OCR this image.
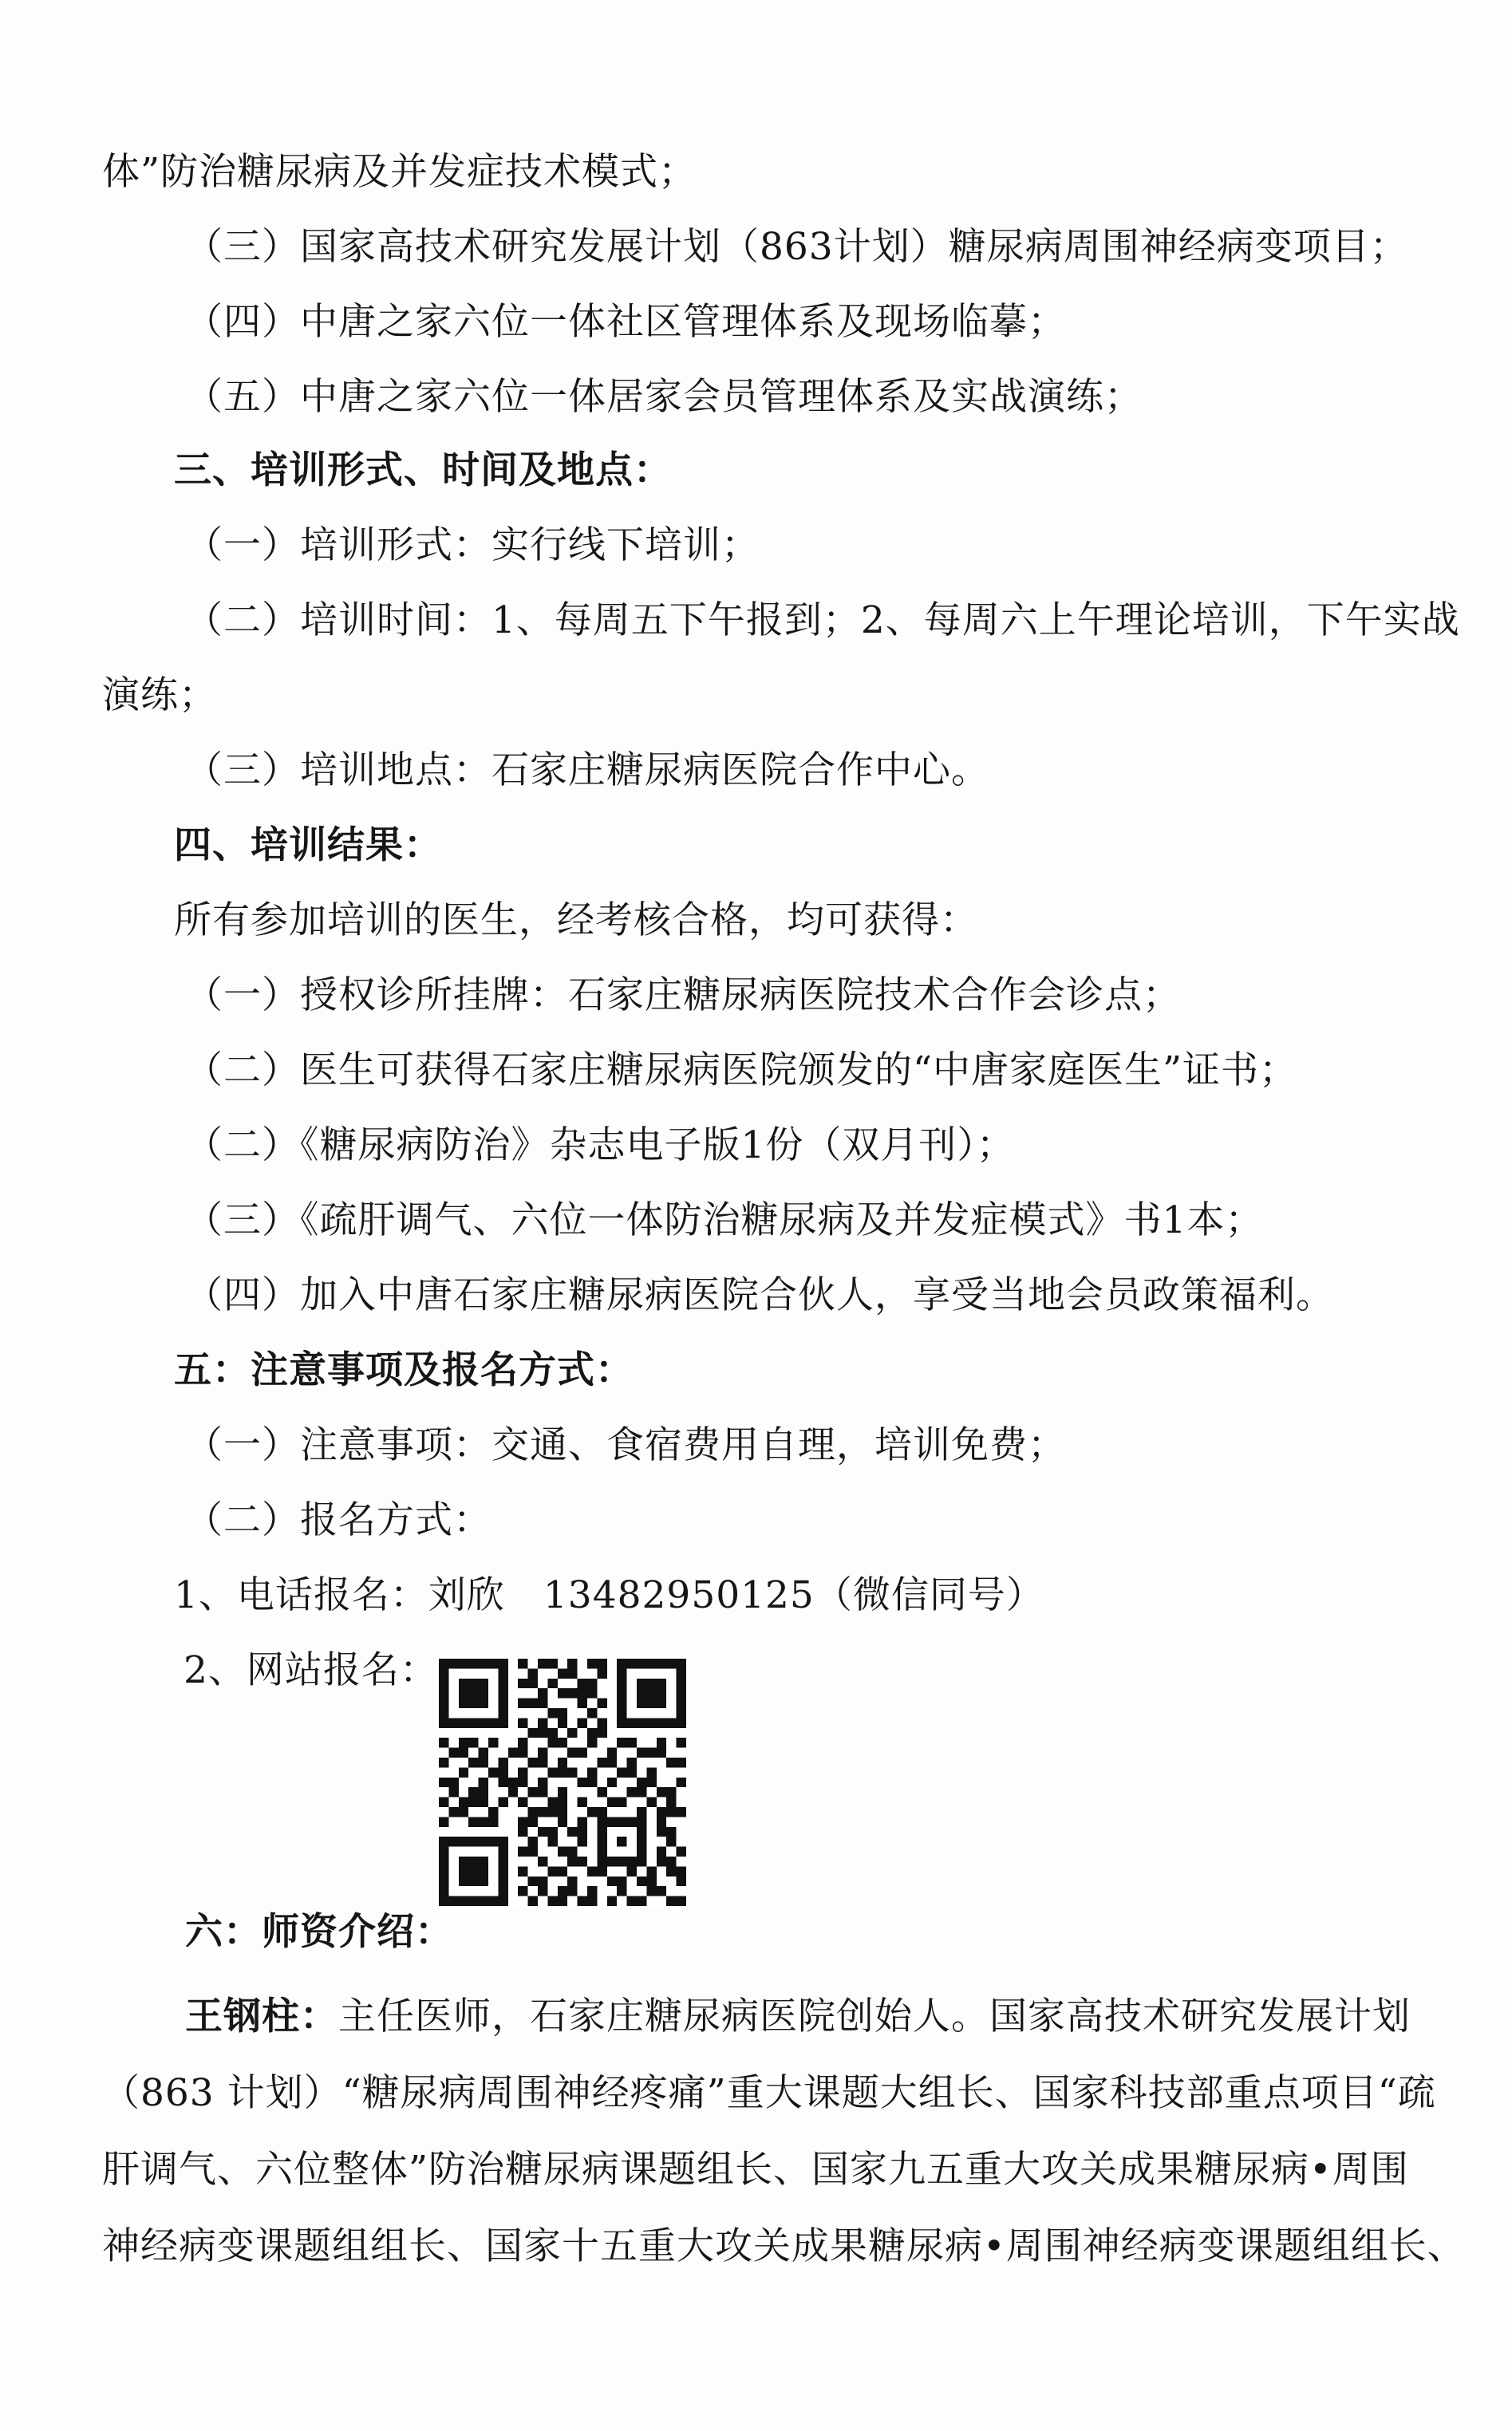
体”防治糖尿病及并发症技术模式；
（三）国家高技术研究发展计划（863计划）糖尿病周围神经病变项目；
（四）中唐之家六位一体社区管理体系及现场临摹；
（五）中唐之家六位一体居家会员管理体系及实战演练；
三、培训形式、时间及地点：
（一）培训形式：实行线下培训；
（二）培训时间：1、每周五下午报到；2、每周六上午理论培训，下午实战
演练；
（三）培训地点：石家庄糖尿病医院合作中心。
四、培训结果：
所有参加培训的医生，经考核合格，均可获得：
（一）授权诊所挂牌：石家庄糖尿病医院技术合作会诊点；
（二）医生可获得石家庄糖尿病医院颁发的“中唐家庭医生”证书；
（二）《糖尿病防治》杂志电子版1份（双月刊）；
（三）《疏肝调气、六位一体防治糖尿病及并发症模式》书1本；
（四）加入中唐石家庄糖尿病医院合伙人，享受当地会员政策福利。
五：注意事项及报名方式：
（一）注意事项：交通、食宿费用自理，培训免费；
（二）报名方式：
1、电话报名：刘欣　13482950125（微信同号）
2、网站报名：
六：师资介绍：
王钢柱：主任医师，石家庄糖尿病医院创始人。国家高技术研究发展计划
（863 计划）“糖尿病周围神经疼痛”重大课题大组长、国家科技部重点项目“疏
肝调气、六位整体”防治糖尿病课题组长、国家九五重大攻关成果糖尿病•周围
神经病变课题组组长、国家十五重大攻关成果糖尿病•周围神经病变课题组组长、
